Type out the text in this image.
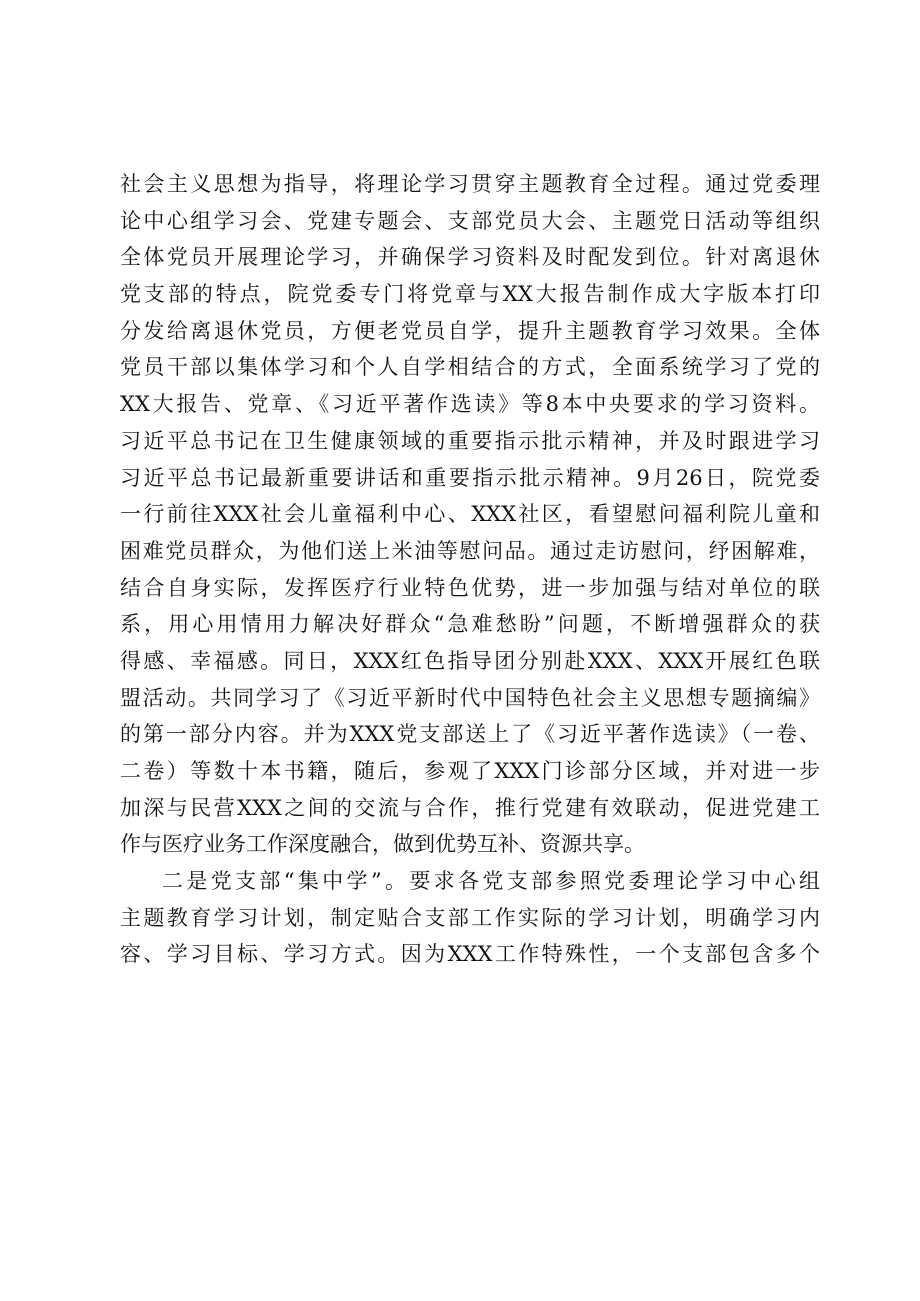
社会主义思想为指导，将理论学习贯穿主题教育全过程。通过党委理
论中心组学习会、党建专题会、支部党员大会、主题党日活动等组织
全体党员开展理论学习，并确保学习资料及时配发到位。针对离退休
党支部的特点，院党委专门将党章与XX大报告制作成大字版本打印
分发给离退休党员，方便老党员自学，提升主题教育学习效果。全体
党员干部以集体学习和个人自学相结合的方式，全面系统学习了党的
XX大报告、党章、《习近平著作选读》等8本中央要求的学习资料。
习近平总书记在卫生健康领域的重要指示批示精神，并及时跟进学习
习近平总书记最新重要讲话和重要指示批示精神。9月26日，院党委
一行前往XXX社会儿童福利中心、XXX社区，看望慰问福利院儿童和
困难党员群众，为他们送上米油等慰问品。通过走访慰问，纾困解难，
结合自身实际，发挥医疗行业特色优势，进一步加强与结对单位的联
系，用心用情用力解决好群众“急难愁盼”问题，不断增强群众的获
得感、幸福感。同日，XXX红色指导团分别赴XXX、XXX开展红色联
盟活动。共同学习了《习近平新时代中国特色社会主义思想专题摘编》
的第一部分内容。并为XXX党支部送上了《习近平著作选读》（一卷、
二卷）等数十本书籍，随后，参观了XXX门诊部分区域，并对进一步
加深与民营XXX之间的交流与合作，推行党建有效联动，促进党建工
作与医疗业务工作深度融合，做到优势互补、资源共享。
二是党支部“集中学”。要求各党支部参照党委理论学习中心组
主题教育学习计划，制定贴合支部工作实际的学习计划，明确学习内
容、学习目标、学习方式。因为XXX工作特殊性，一个支部包含多个
